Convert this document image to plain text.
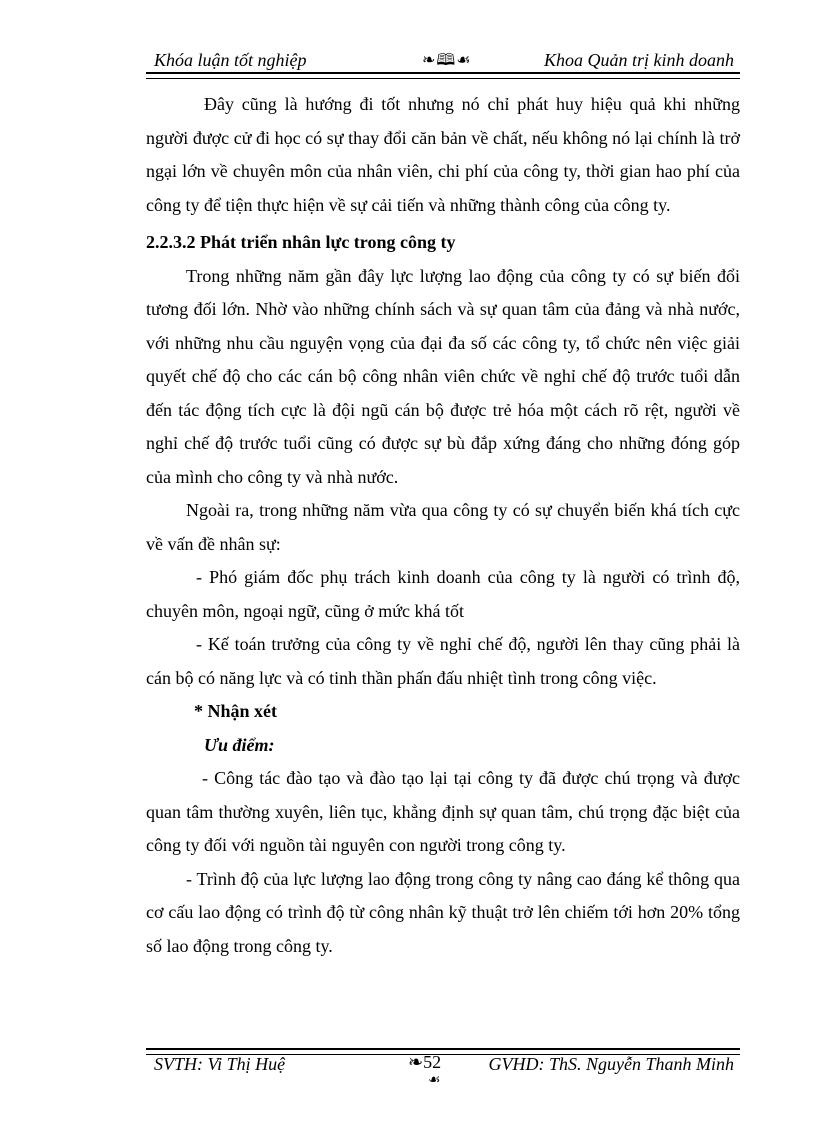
Khóa luận tốt nghiệp	❧🕮☙	Khoa Quản trị kinh doanh

Đây cũng là hướng đi tốt nhưng nó chỉ phát huy hiệu quả khi những người được cử đi học có sự thay đổi căn bản về chất, nếu không nó lại chính là trở ngại lớn về chuyên môn của nhân viên, chi phí của công ty, thời gian hao phí của công ty để tiện thực hiện về sự cải tiến và những thành công của công ty.

2.2.3.2 Phát triển nhân lực trong công ty

Trong những năm gần đây lực lượng lao động của công ty có sự biến đổi tương đối lớn. Nhờ vào những chính sách và sự quan tâm của đảng và nhà nước, với những nhu cầu nguyện vọng của đại đa số các công ty, tổ chức nên việc giải quyết chế độ cho các cán bộ công nhân viên chức về nghỉ chế độ trước tuổi dẫn đến tác động tích cực là đội ngũ cán bộ được trẻ hóa một cách rõ rệt, người về nghỉ chế độ trước tuổi cũng có được sự bù đắp xứng đáng cho những đóng góp của mình cho công ty và nhà nước.

Ngoài ra, trong những năm vừa qua công ty có sự chuyển biến khá tích cực về vấn đề nhân sự:

- Phó giám đốc phụ trách kinh doanh của công ty là người có trình độ, chuyên môn, ngoại ngữ, cũng ở mức khá tốt

- Kế toán trưởng của công ty về nghỉ chế độ, người lên thay cũng phải là cán bộ có năng lực và có tinh thần phấn đấu nhiệt tình trong công việc.

* Nhận xét

Ưu điểm:

- Công tác đào tạo và đào tạo lại tại công ty đã được chú trọng và được quan tâm thường xuyên, liên tục, khẳng định sự quan tâm, chú trọng đặc biệt của công ty đối với nguồn tài nguyên con người trong công ty.

- Trình độ của lực lượng lao động trong công ty nâng cao đáng kể thông qua cơ cấu lao động có trình độ từ công nhân kỹ thuật trở lên chiếm tới hơn 20% tổng số lao động trong công ty.

SVTH: Vi Thị Huệ	❧52
☙
GVHD: ThS. Nguyễn Thanh Minh
